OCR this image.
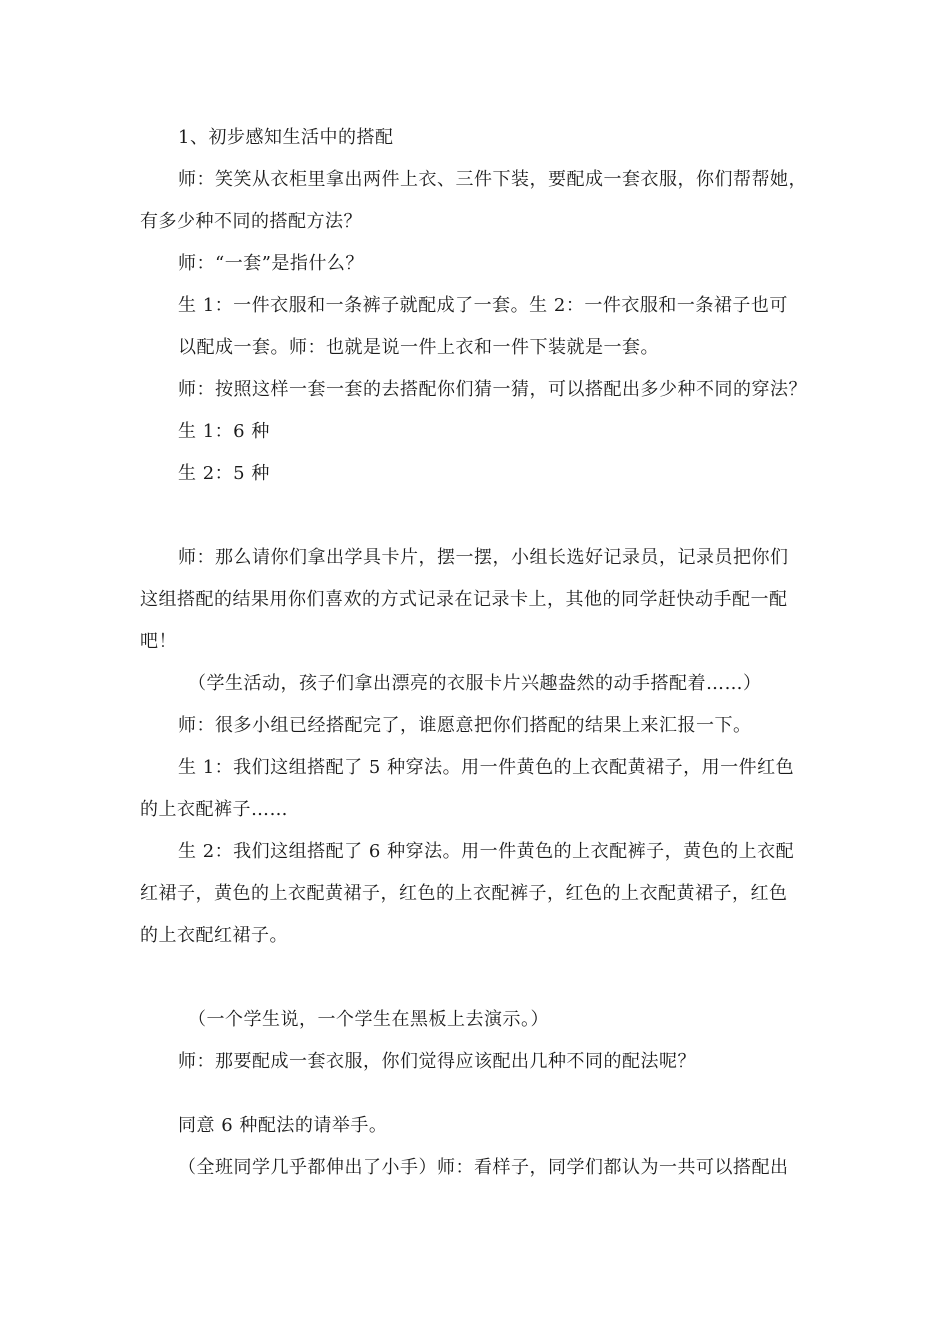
1、初步感知生活中的搭配
师：笑笑从衣柜里拿出两件上衣、三件下装，要配成一套衣服，你们帮帮她，
有多少种不同的搭配方法？
师：“一套”是指什么？
生 1：一件衣服和一条裤子就配成了一套。生 2：一件衣服和一条裙子也可
以配成一套。师：也就是说一件上衣和一件下装就是一套。
师：按照这样一套一套的去搭配你们猜一猜，可以搭配出多少种不同的穿法？
生 1：6 种
生 2：5 种
师：那么请你们拿出学具卡片，摆一摆，小组长选好记录员，记录员把你们
这组搭配的结果用你们喜欢的方式记录在记录卡上，其他的同学赶快动手配一配
吧！
（学生活动，孩子们拿出漂亮的衣服卡片兴趣盎然的动手搭配着……）
师：很多小组已经搭配完了，谁愿意把你们搭配的结果上来汇报一下。
生 1：我们这组搭配了 5 种穿法。用一件黄色的上衣配黄裙子，用一件红色
的上衣配裤子……
生 2：我们这组搭配了 6 种穿法。用一件黄色的上衣配裤子，黄色的上衣配
红裙子，黄色的上衣配黄裙子，红色的上衣配裤子，红色的上衣配黄裙子，红色
的上衣配红裙子。
（一个学生说，一个学生在黑板上去演示。）
师：那要配成一套衣服，你们觉得应该配出几种不同的配法呢？
同意 6 种配法的请举手。
（全班同学几乎都伸出了小手）师：看样子，同学们都认为一共可以搭配出
